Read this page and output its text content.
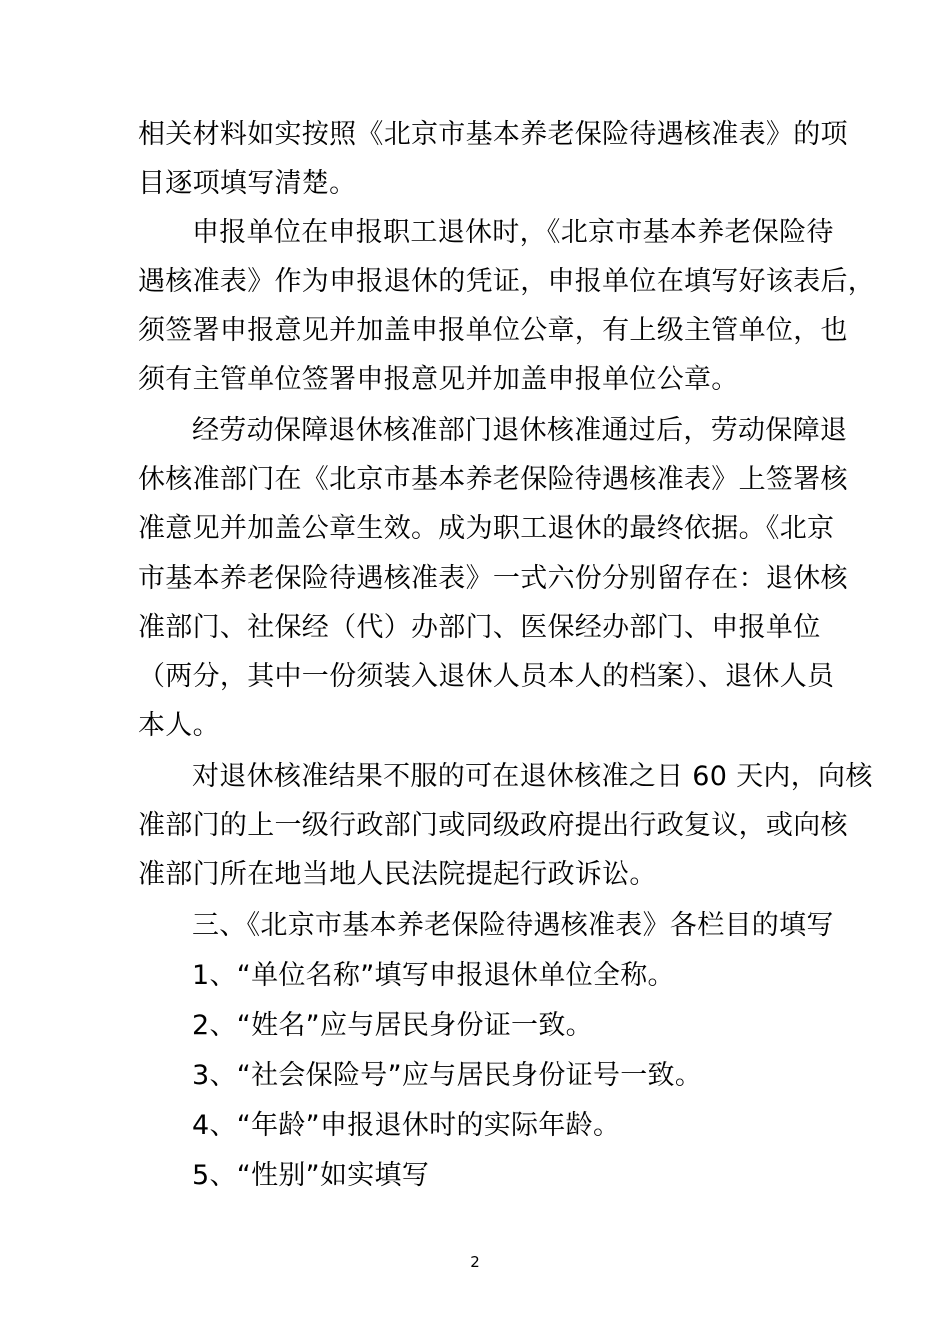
相关材料如实按照《北京市基本养老保险待遇核准表》的项
目逐项填写清楚。
申报单位在申报职工退休时，《北京市基本养老保险待
遇核准表》作为申报退休的凭证，申报单位在填写好该表后，
须签署申报意见并加盖申报单位公章，有上级主管单位，也
须有主管单位签署申报意见并加盖申报单位公章。
经劳动保障退休核准部门退休核准通过后，劳动保障退
休核准部门在《北京市基本养老保险待遇核准表》上签署核
准意见并加盖公章生效。成为职工退休的最终依据。《北京
市基本养老保险待遇核准表》一式六份分别留存在：退休核
准部门、社保经（代）办部门、医保经办部门、申报单位
（两分，其中一份须装入退休人员本人的档案）、退休人员
本人。
对退休核准结果不服的可在退休核准之日 60 天内，向核
准部门的上一级行政部门或同级政府提出行政复议，或向核
准部门所在地当地人民法院提起行政诉讼。
三、《北京市基本养老保险待遇核准表》各栏目的填写
1、“单位名称”填写申报退休单位全称。
2、“姓名”应与居民身份证一致。
3、“社会保险号”应与居民身份证号一致。
4、“年龄”申报退休时的实际年龄。
5、“性别”如实填写
2
